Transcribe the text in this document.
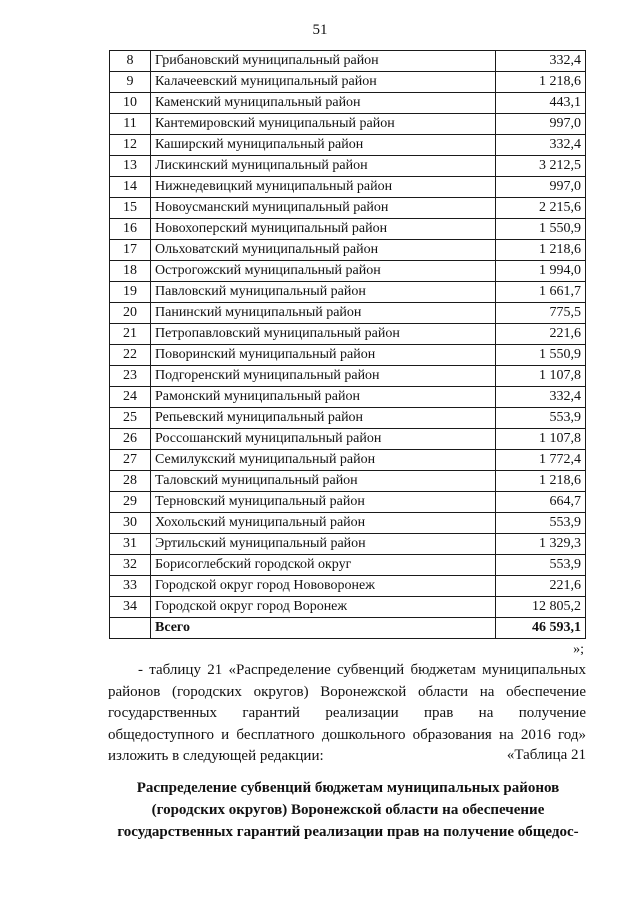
51
8	Грибановский муниципальный район	332,4
9	Калачеевский муниципальный район	1 218,6
10	Каменский муниципальный район	443,1
11	Кантемировский муниципальный район	997,0
12	Каширский муниципальный район	332,4
13	Лискинский муниципальный район	3 212,5
14	Нижнедевицкий муниципальный район	997,0
15	Новоусманский муниципальный район	2 215,6
16	Новохоперский муниципальный район	1 550,9
17	Ольховатский муниципальный район	1 218,6
18	Острогожский муниципальный район	1 994,0
19	Павловский муниципальный район	1 661,7
20	Панинский муниципальный район	775,5
21	Петропавловский муниципальный район	221,6
22	Поворинский муниципальный район	1 550,9
23	Подгоренский муниципальный район	1 107,8
24	Рамонский муниципальный район	332,4
25	Репьевский муниципальный район	553,9
26	Россошанский муниципальный район	1 107,8
27	Семилукский муниципальный район	1 772,4
28	Таловский муниципальный район	1 218,6
29	Терновский муниципальный район	664,7
30	Хохольский муниципальный район	553,9
31	Эртильский муниципальный район	1 329,3
32	Борисоглебский городской округ	553,9
33	Городской округ город Нововоронеж	221,6
34	Городской округ город Воронеж	12 805,2
	Всего	46 593,1
»;
- таблицу 21 «Распределение субвенций бюджетам муниципальных районов (городских округов) Воронежской области на обеспечение государственных гарантий реализации прав на получение общедоступного и бесплатного дошкольного образования на 2016 год» изложить в следующей редакции:	«Таблица 21
Распределение субвенций бюджетам муниципальных районов (городских округов) Воронежской области на обеспечение государственных гарантий реализации прав на получение общедос-
